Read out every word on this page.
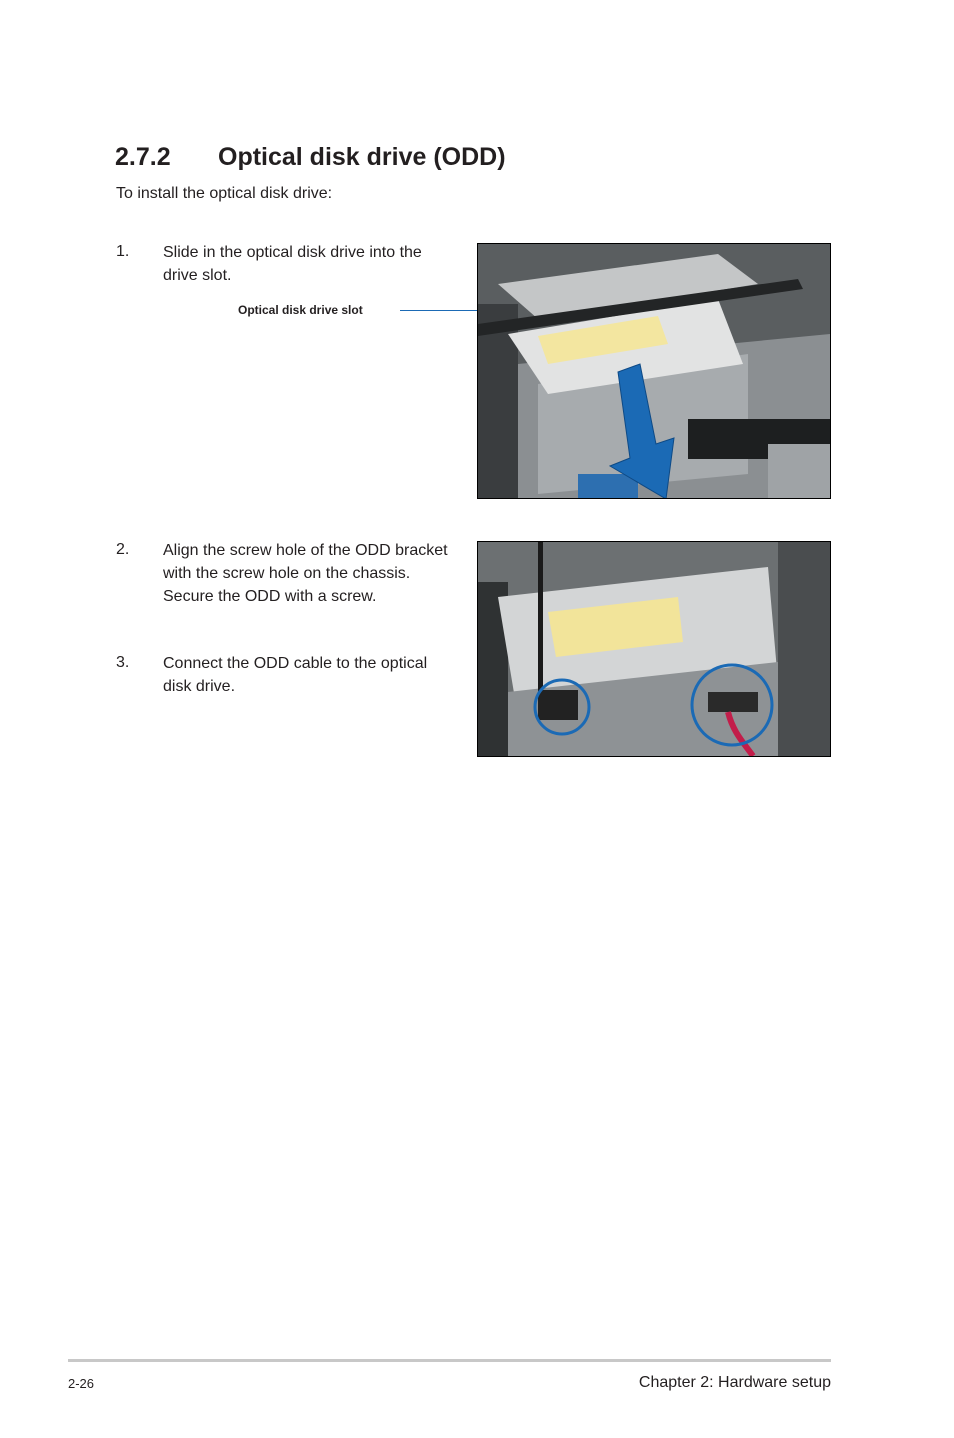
2.7.2 Optical disk drive (ODD)
To install the optical disk drive:
1. Slide in the optical disk drive into the drive slot.
Optical disk drive slot
2. Align the screw hole of the ODD bracket with the screw hole on the chassis. Secure the ODD with a screw.
3. Connect the ODD cable to the optical disk drive.
2-26	Chapter 2: Hardware setup
